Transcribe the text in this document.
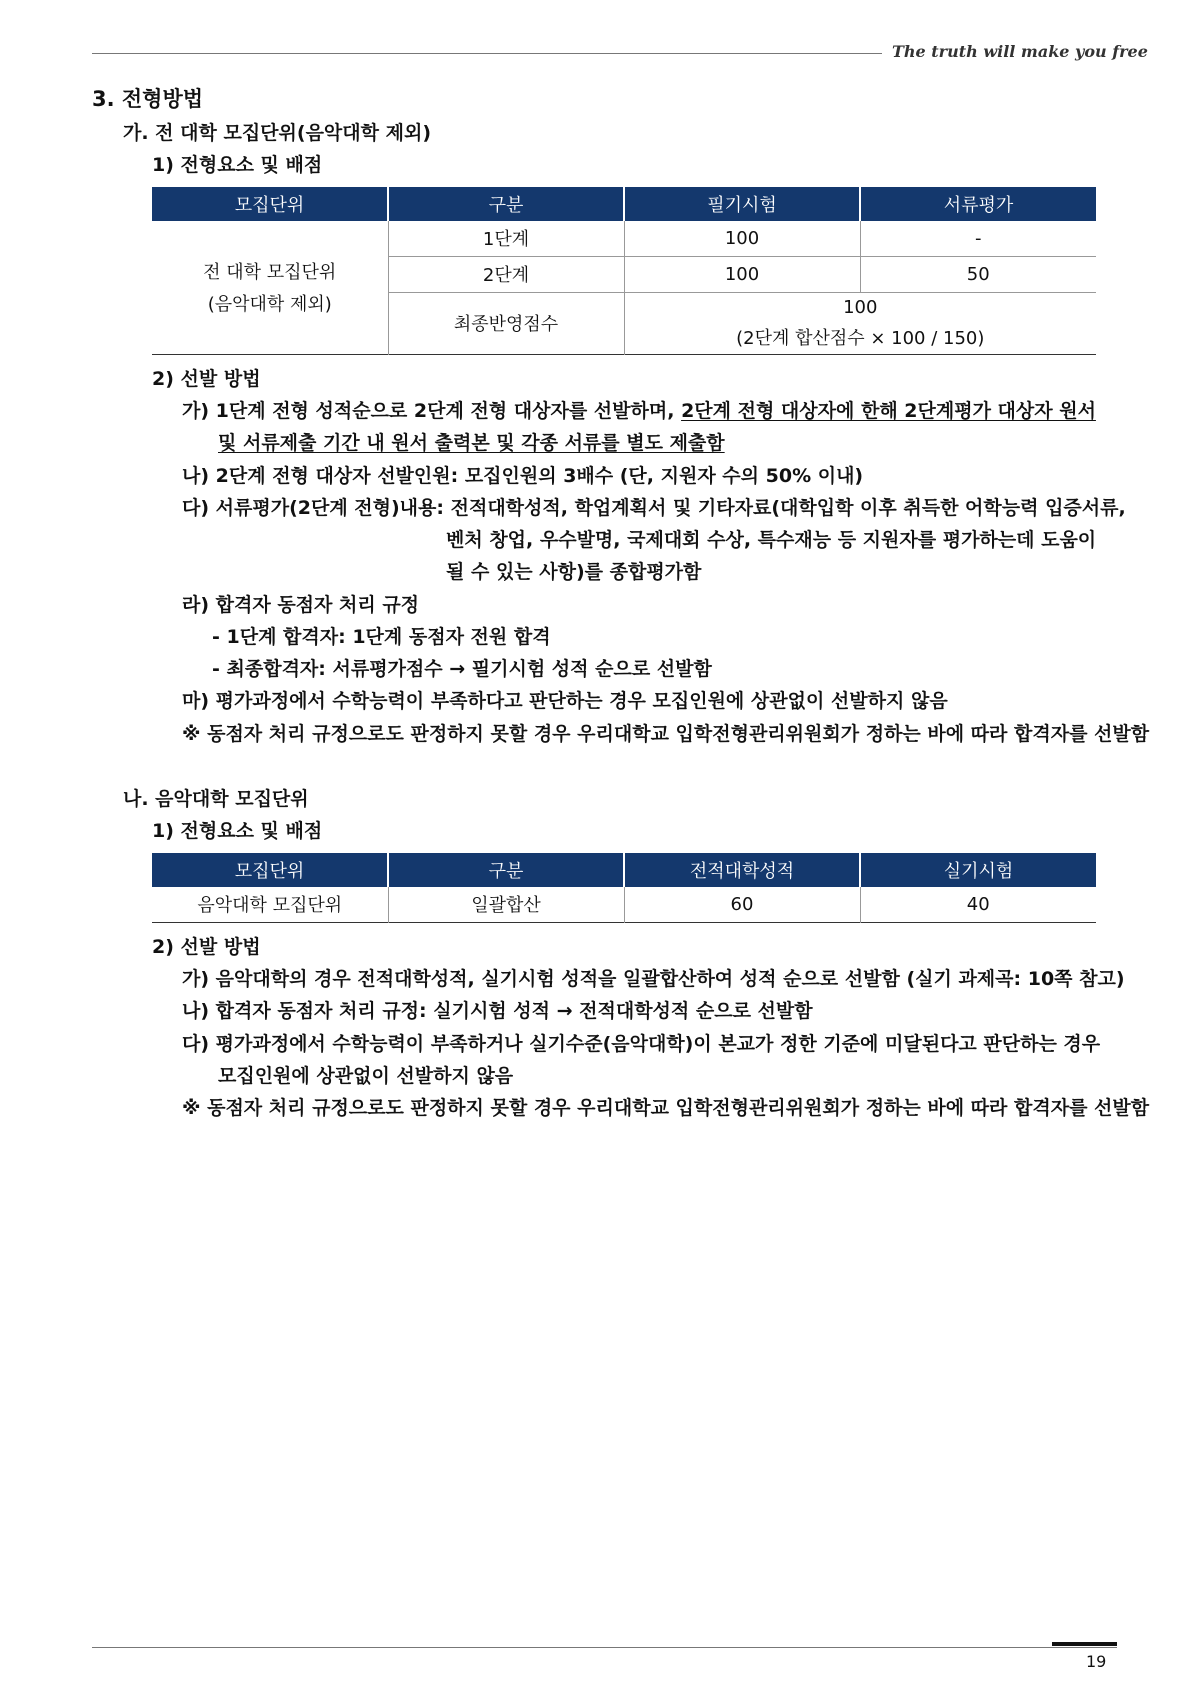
The truth will make you free
3. 전형방법
가. 전 대학 모집단위(음악대학 제외)
1) 전형요소 및 배점
모집단위	구분	필기시험	서류평가

전 대학 모집단위
(음악대학 제외)	1단계	100	-
	2단계	100	50
	최종반영점수	100
(2단계 합산점수 × 100 / 150)	
2) 선발 방법
가) 1단계 전형 성적순으로 2단계 전형 대상자를 선발하며, 2단계 전형 대상자에 한해 2단계평가 대상자 원서
및 서류제출 기간 내 원서 출력본 및 각종 서류를 별도 제출함
나) 2단계 전형 대상자 선발인원: 모집인원의 3배수 (단, 지원자 수의 50% 이내)
다) 서류평가(2단계 전형)내용: 전적대학성적, 학업계획서 및 기타자료(대학입학 이후 취득한 어학능력 입증서류,
벤처 창업, 우수발명, 국제대회 수상, 특수재능 등 지원자를 평가하는데 도움이
될 수 있는 사항)를 종합평가함
라) 합격자 동점자 처리 규정
- 1단계 합격자: 1단계 동점자 전원 합격
- 최종합격자: 서류평가점수 → 필기시험 성적 순으로 선발함
마) 평가과정에서 수학능력이 부족하다고 판단하는 경우 모집인원에 상관없이 선발하지 않음
※ 동점자 처리 규정으로도 판정하지 못할 경우 우리대학교 입학전형관리위원회가 정하는 바에 따라 합격자를 선발함
나. 음악대학 모집단위
1) 전형요소 및 배점
모집단위	구분	전적대학성적	실기시험
음악대학 모집단위	일괄합산	60	40
2) 선발 방법
가) 음악대학의 경우 전적대학성적, 실기시험 성적을 일괄합산하여 성적 순으로 선발함 (실기 과제곡: 10쪽 참고)
나) 합격자 동점자 처리 규정: 실기시험 성적 → 전적대학성적 순으로 선발함
다) 평가과정에서 수학능력이 부족하거나 실기수준(음악대학)이 본교가 정한 기준에 미달된다고 판단하는 경우
모집인원에 상관없이 선발하지 않음
※ 동점자 처리 규정으로도 판정하지 못할 경우 우리대학교 입학전형관리위원회가 정하는 바에 따라 합격자를 선발함
19
